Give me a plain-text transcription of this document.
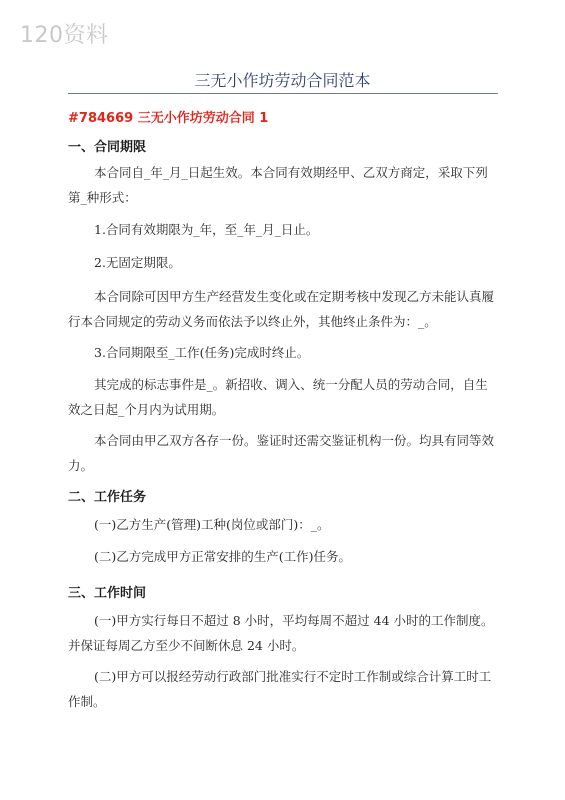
120资料
三无小作坊劳动合同范本
#784669 三无小作坊劳动合同 1
一、合同期限

本合同自_年_月_日起生效。本合同有效期经甲、乙双方商定，采取下列第_种形式：

1.合同有效期限为_年，至_年_月_日止。

2.无固定期限。

本合同除可因甲方生产经营发生变化或在定期考核中发现乙方未能认真履行本合同规定的劳动义务而依法予以终止外，其他终止条件为：_。

3.合同期限至_工作(任务)完成时终止。

其完成的标志事件是_。新招收、调入、统一分配人员的劳动合同，自生效之日起_个月内为试用期。

本合同由甲乙双方各存一份。鉴证时还需交鉴证机构一份。均具有同等效力。

二、工作任务

(一)乙方生产(管理)工种(岗位或部门)：_。

(二)乙方完成甲方正常安排的生产(工作)任务。

三、工作时间

(一)甲方实行每日不超过 8 小时，平均每周不超过 44 小时的工作制度。并保证每周乙方至少不间断休息 24 小时。

(二)甲方可以报经劳动行政部门批准实行不定时工作制或综合计算工时工作制。
